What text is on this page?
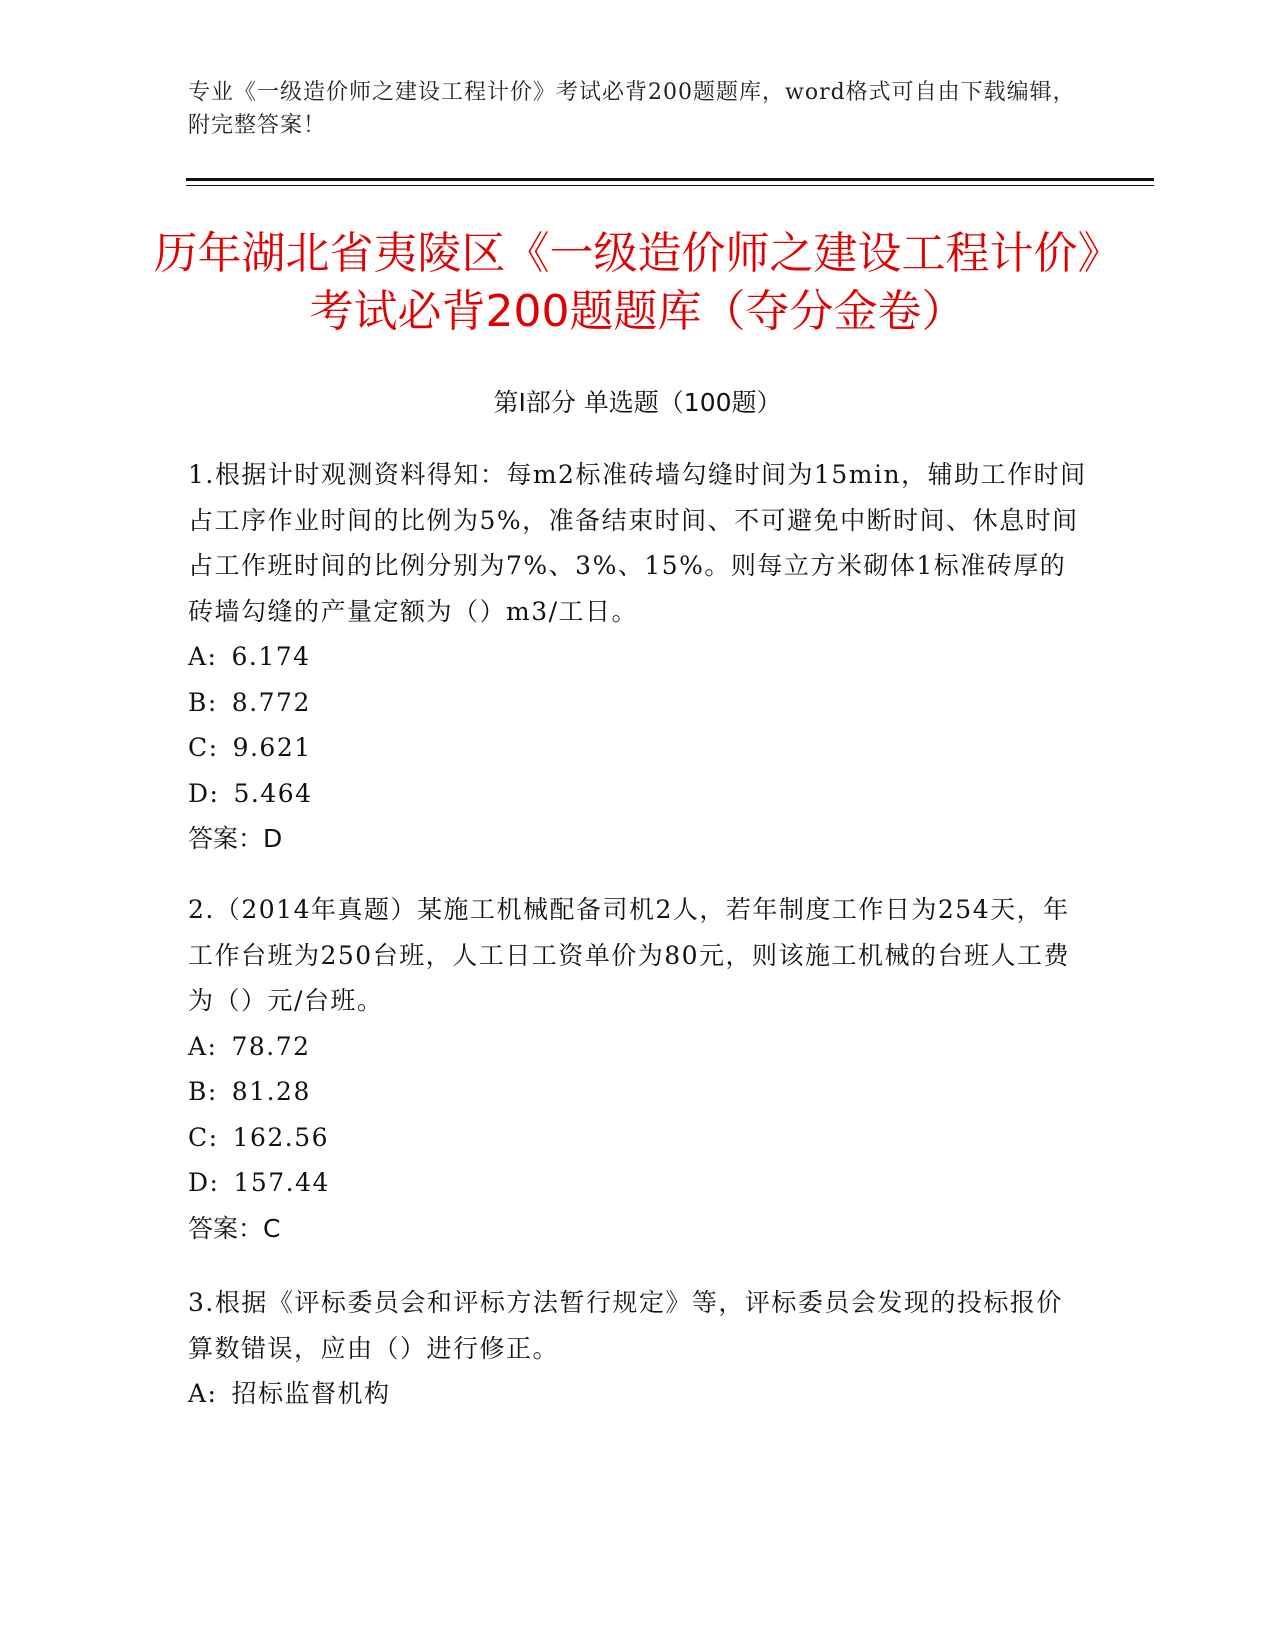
专业《一级造价师之建设工程计价》考试必背200题题库，word格式可自由下载编辑，附完整答案！
历年湖北省夷陵区《一级造价师之建设工程计价》考试必背200题题库（夺分金卷）
第Ⅰ部分 单选题（100题）
1.根据计时观测资料得知：每m2标准砖墙勾缝时间为15min，辅助工作时间占工序作业时间的比例为5%，准备结束时间、不可避免中断时间、休息时间占工作班时间的比例分别为7%、3%、15%。则每立方米砌体1标准砖厚的砖墙勾缝的产量定额为（）m3/工日。
A: 6.174
B: 8.772
C: 9.621
D: 5.464
答案：D
2.（2014年真题）某施工机械配备司机2人，若年制度工作日为254天，年工作台班为250台班，人工日工资单价为80元，则该施工机械的台班人工费为（）元/台班。
A: 78.72
B: 81.28
C: 162.56
D: 157.44
答案：C
3.根据《评标委员会和评标方法暂行规定》等，评标委员会发现的投标报价算数错误，应由（）进行修正。
A: 招标监督机构
